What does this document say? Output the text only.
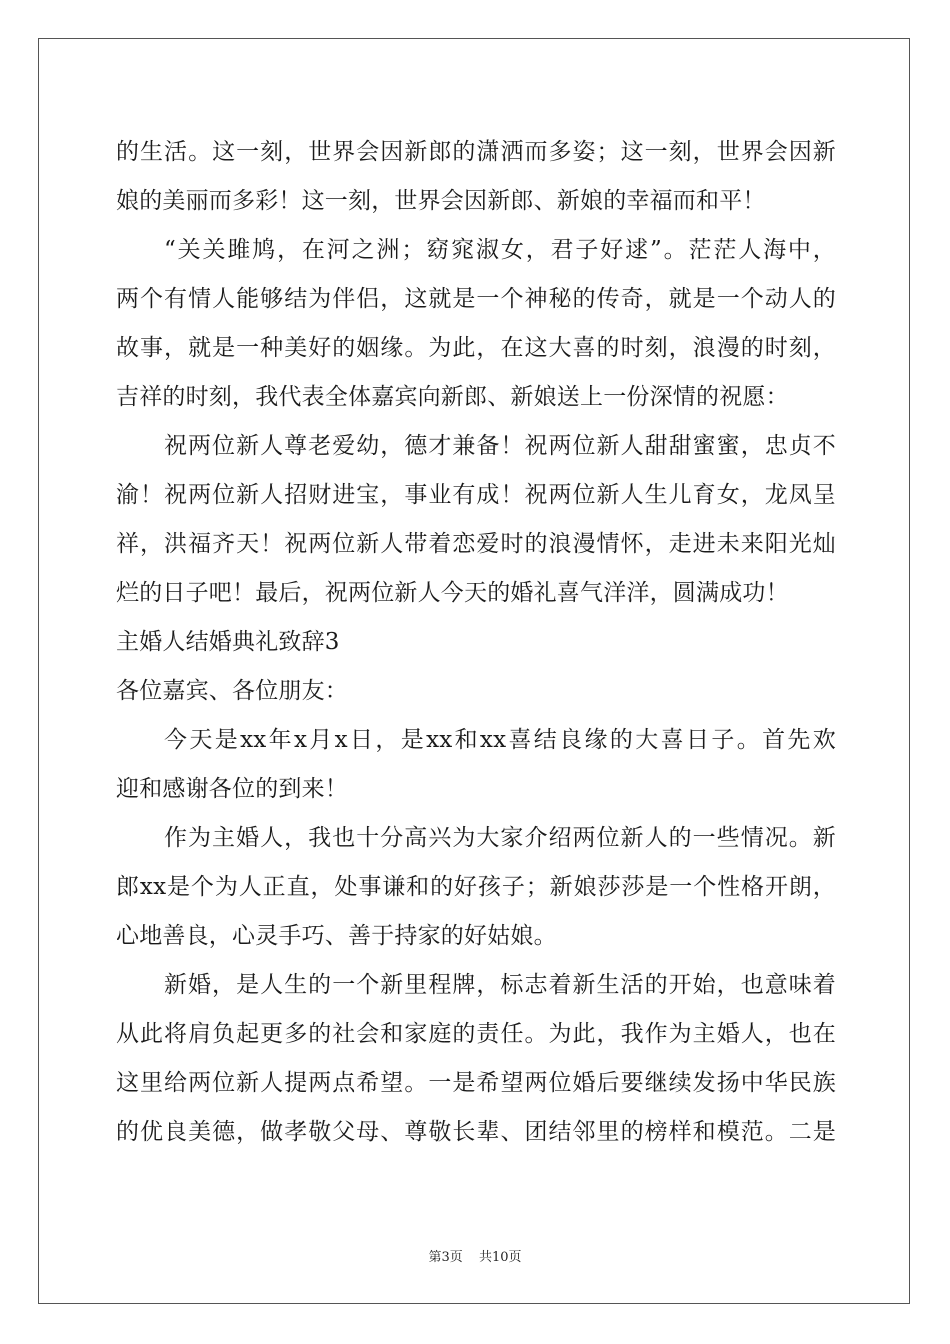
的生活。这一刻，世界会因新郎的潇洒而多姿；这一刻，世界会因新
娘的美丽而多彩！这一刻，世界会因新郎、新娘的幸福而和平！
“关关雎鸠，在河之洲；窈窕淑女，君子好逑”。茫茫人海中，
两个有情人能够结为伴侣，这就是一个神秘的传奇，就是一个动人的
故事，就是一种美好的姻缘。为此，在这大喜的时刻，浪漫的时刻，
吉祥的时刻，我代表全体嘉宾向新郎、新娘送上一份深情的祝愿：
祝两位新人尊老爱幼，德才兼备！祝两位新人甜甜蜜蜜，忠贞不
渝！祝两位新人招财进宝，事业有成！祝两位新人生儿育女，龙凤呈
祥，洪福齐天！祝两位新人带着恋爱时的浪漫情怀，走进未来阳光灿
烂的日子吧！最后，祝两位新人今天的婚礼喜气洋洋，圆满成功！
主婚人结婚典礼致辞3
各位嘉宾、各位朋友：
今天是xx年x月x日，是xx和xx喜结良缘的大喜日子。首先欢
迎和感谢各位的到来！
作为主婚人，我也十分高兴为大家介绍两位新人的一些情况。新
郎xx是个为人正直，处事谦和的好孩子；新娘莎莎是一个性格开朗，
心地善良，心灵手巧、善于持家的好姑娘。
新婚，是人生的一个新里程牌，标志着新生活的开始，也意味着
从此将肩负起更多的社会和家庭的责任。为此，我作为主婚人，也在
这里给两位新人提两点希望。一是希望两位婚后要继续发扬中华民族
的优良美德，做孝敬父母、尊敬长辈、团结邻里的榜样和模范。二是
第3页 共10页
